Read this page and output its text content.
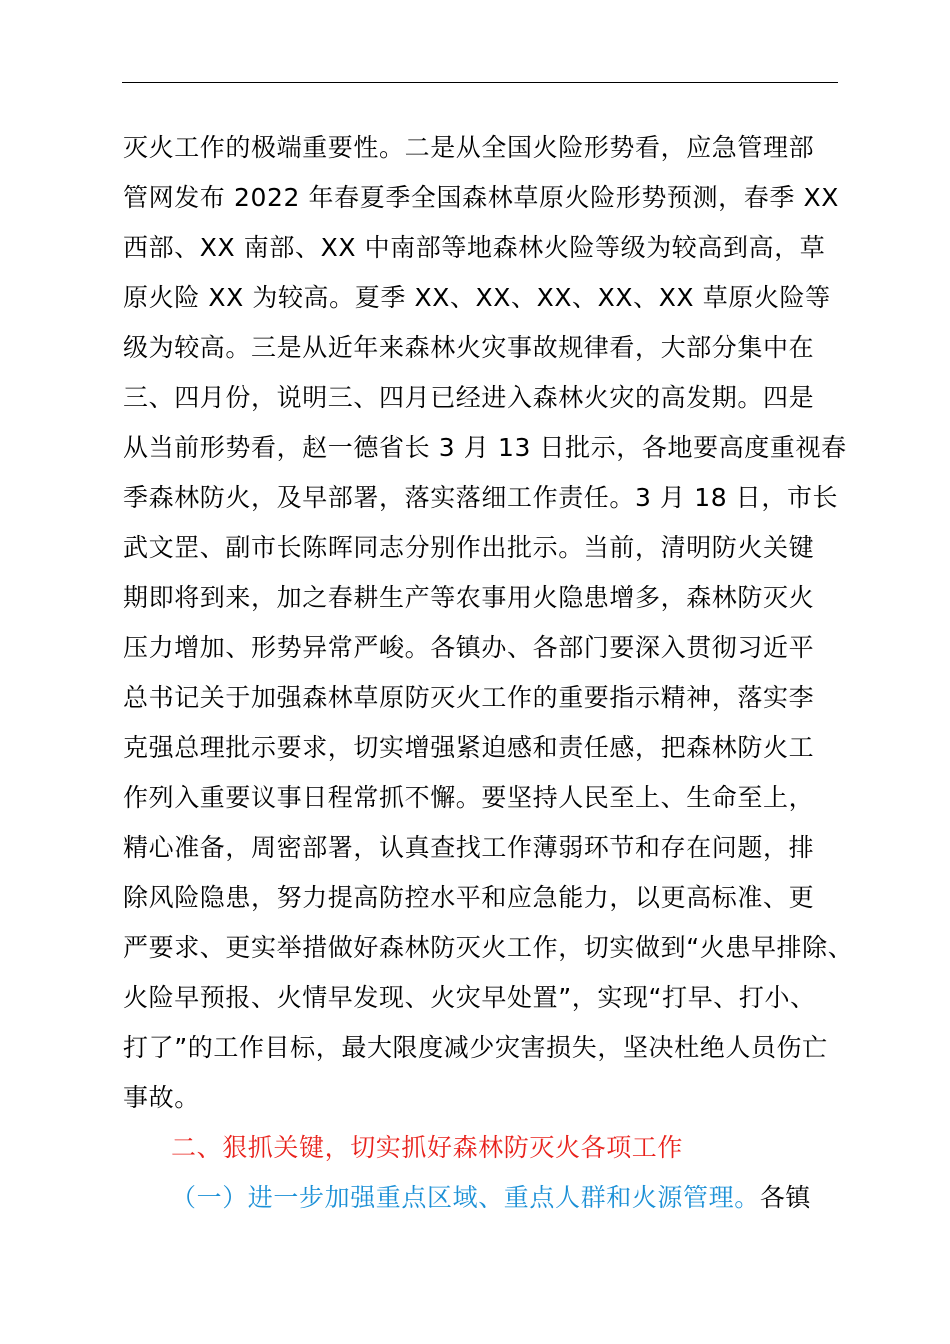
灭火工作的极端重要性。二是从全国火险形势看，应急管理部
管网发布 2022 年春夏季全国森林草原火险形势预测，春季 XX
西部、XX 南部、XX 中南部等地森林火险等级为较高到高，草
原火险 XX 为较高。夏季 XX、XX、XX、XX、XX 草原火险等
级为较高。三是从近年来森林火灾事故规律看，大部分集中在
三、四月份，说明三、四月已经进入森林火灾的高发期。四是
从当前形势看，赵一德省长 3 月 13 日批示，各地要高度重视春
季森林防火，及早部署，落实落细工作责任。3 月 18 日，市长
武文罡、副市长陈晖同志分别作出批示。当前，清明防火关键
期即将到来，加之春耕生产等农事用火隐患增多，森林防灭火
压力增加、形势异常严峻。各镇办、各部门要深入贯彻习近平
总书记关于加强森林草原防灭火工作的重要指示精神，落实李
克强总理批示要求，切实增强紧迫感和责任感，把森林防火工
作列入重要议事日程常抓不懈。要坚持人民至上、生命至上，
精心准备，周密部署，认真查找工作薄弱环节和存在问题，排
除风险隐患，努力提高防控水平和应急能力，以更高标准、更
严要求、更实举措做好森林防灭火工作，切实做到“火患早排除、
火险早预报、火情早发现、火灾早处置”，实现“打早、打小、
打了”的工作目标，最大限度减少灾害损失，坚决杜绝人员伤亡
事故。
二、狠抓关键，切实抓好森林防灭火各项工作
（一）进一步加强重点区域、重点人群和火源管理。各镇
